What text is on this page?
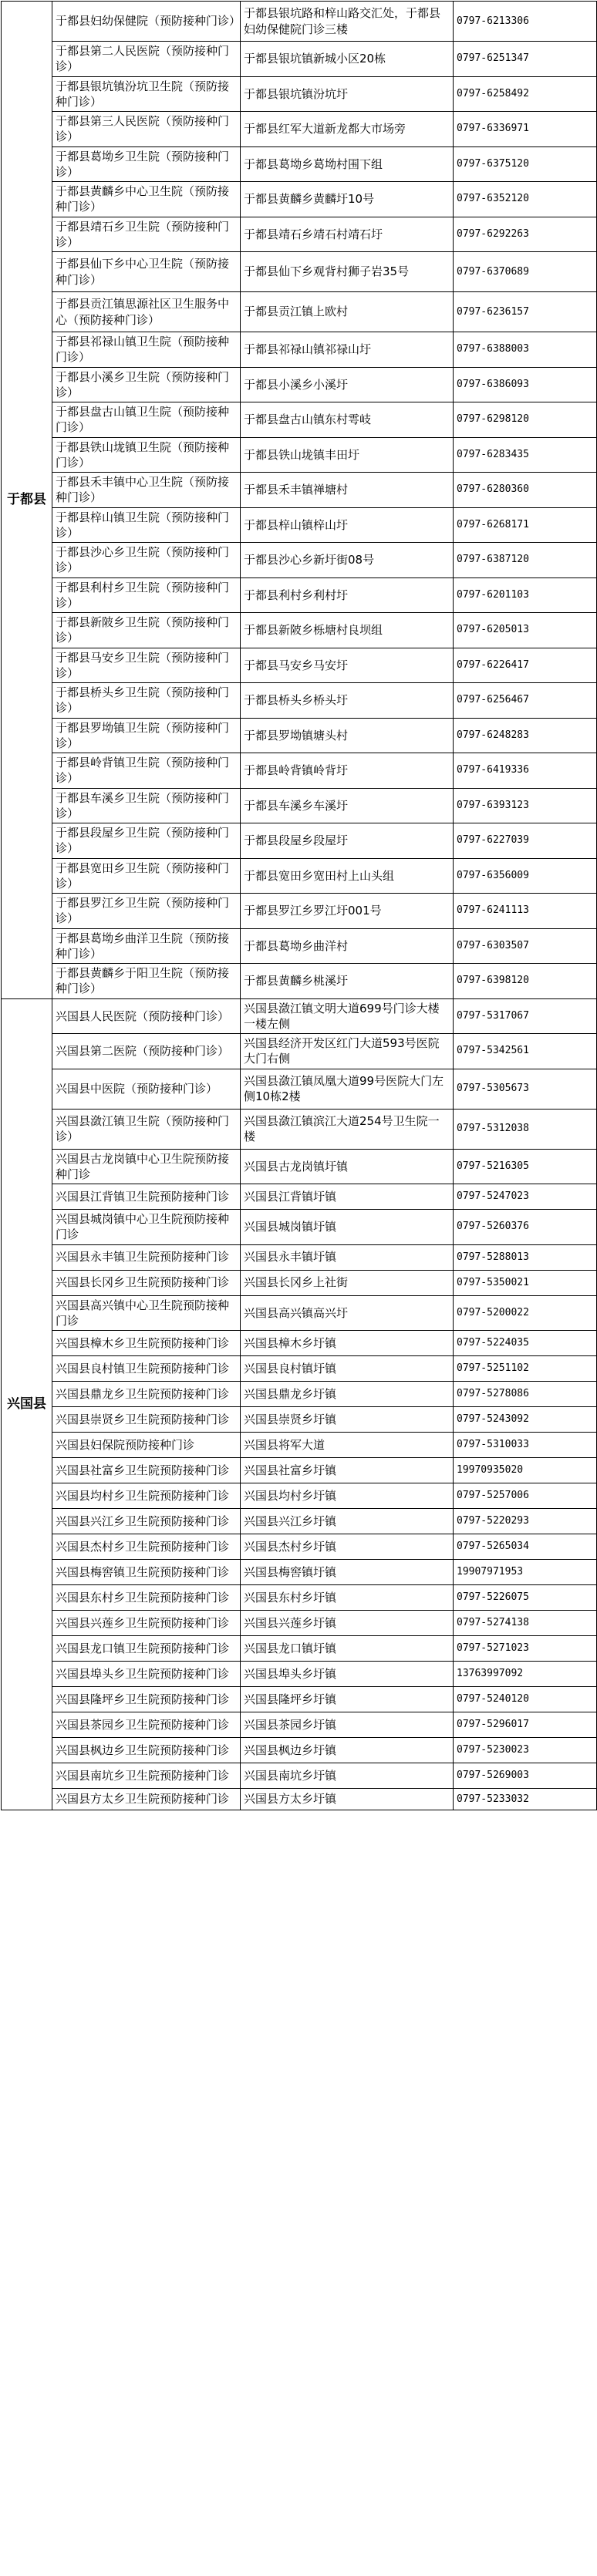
于都县	于都县妇幼保健院（预防接种门诊）	于都县银坑路和梓山路交汇处，于都县妇幼保健院门诊三楼	0797-6213306
	于都县第二人民医院（预防接种门诊）	于都县银坑镇新城小区20栋	0797-6251347
	于都县银坑镇汾坑卫生院（预防接种门诊）	于都县银坑镇汾坑圩	0797-6258492
	于都县第三人民医院（预防接种门诊）	于都县红军大道新龙都大市场旁	0797-6336971
	于都县葛坳乡卫生院（预防接种门诊）	于都县葛坳乡葛坳村围下组	0797-6375120
	于都县黄麟乡中心卫生院（预防接种门诊）	于都县黄麟乡黄麟圩10号	0797-6352120
	于都县靖石乡卫生院（预防接种门诊）	于都县靖石乡靖石村靖石圩	0797-6292263
	于都县仙下乡中心卫生院（预防接种门诊）	于都县仙下乡观背村狮子岩35号	0797-6370689
	于都县贡江镇思源社区卫生服务中心（预防接种门诊）	于都县贡江镇上欧村	0797-6236157
	于都县祁禄山镇卫生院（预防接种门诊）	于都县祁禄山镇祁禄山圩	0797-6388003
	于都县小溪乡卫生院（预防接种门诊）	于都县小溪乡小溪圩	0797-6386093
	于都县盘古山镇卫生院（预防接种门诊）	于都县盘古山镇东村雩岐	0797-6298120
	于都县铁山垅镇卫生院（预防接种门诊）	于都县铁山垅镇丰田圩	0797-6283435
	于都县禾丰镇中心卫生院（预防接种门诊）	于都县禾丰镇禅塘村	0797-6280360
	于都县梓山镇卫生院（预防接种门诊）	于都县梓山镇梓山圩	0797-6268171
	于都县沙心乡卫生院（预防接种门诊）	于都县沙心乡新圩街08号	0797-6387120
	于都县利村乡卫生院（预防接种门诊）	于都县利村乡利村圩	0797-6201103
	于都县新陂乡卫生院（预防接种门诊）	于都县新陂乡栎塘村良坝组	0797-6205013
	于都县马安乡卫生院（预防接种门诊）	于都县马安乡马安圩	0797-6226417
	于都县桥头乡卫生院（预防接种门诊）	于都县桥头乡桥头圩	0797-6256467
	于都县罗坳镇卫生院（预防接种门诊）	于都县罗坳镇塘头村	0797-6248283
	于都县岭背镇卫生院（预防接种门诊）	于都县岭背镇岭背圩	0797-6419336
	于都县车溪乡卫生院（预防接种门诊）	于都县车溪乡车溪圩	0797-6393123
	于都县段屋乡卫生院（预防接种门诊）	于都县段屋乡段屋圩	0797-6227039
	于都县宽田乡卫生院（预防接种门诊）	于都县宽田乡宽田村上山头组	0797-6356009
	于都县罗江乡卫生院（预防接种门诊）	于都县罗江乡罗江圩001号	0797-6241113
	于都县葛坳乡曲洋卫生院（预防接种门诊）	于都县葛坳乡曲洋村	0797-6303507
	于都县黄麟乡于阳卫生院（预防接种门诊）	于都县黄麟乡桃溪圩	0797-6398120
兴国县	兴国县人民医院（预防接种门诊）	兴国县潋江镇文明大道699号门诊大楼一楼左侧	0797-5317067
	兴国县第二医院（预防接种门诊）	兴国县经济开发区红门大道593号医院大门右侧	0797-5342561
	兴国县中医院（预防接种门诊）	兴国县潋江镇凤凰大道99号医院大门左侧10栋2楼	0797-5305673
	兴国县潋江镇卫生院（预防接种门诊）	兴国县潋江镇滨江大道254号卫生院一楼	0797-5312038
	兴国县古龙岗镇中心卫生院预防接种门诊	兴国县古龙岗镇圩镇	0797-5216305
	兴国县江背镇卫生院预防接种门诊	兴国县江背镇圩镇	0797-5247023
	兴国县城岗镇中心卫生院预防接种门诊	兴国县城岗镇圩镇	0797-5260376
	兴国县永丰镇卫生院预防接种门诊	兴国县永丰镇圩镇	0797-5288013
	兴国县长冈乡卫生院预防接种门诊	兴国县长冈乡上社街	0797-5350021
	兴国县高兴镇中心卫生院预防接种门诊	兴国县高兴镇高兴圩	0797-5200022
	兴国县樟木乡卫生院预防接种门诊	兴国县樟木乡圩镇	0797-5224035
	兴国县良村镇卫生院预防接种门诊	兴国县良村镇圩镇	0797-5251102
	兴国县鼎龙乡卫生院预防接种门诊	兴国县鼎龙乡圩镇	0797-5278086
	兴国县崇贤乡卫生院预防接种门诊	兴国县崇贤乡圩镇	0797-5243092
	兴国县妇保院预防接种门诊	兴国县将军大道	0797-5310033
	兴国县社富乡卫生院预防接种门诊	兴国县社富乡圩镇	19970935020
	兴国县均村乡卫生院预防接种门诊	兴国县均村乡圩镇	0797-5257006
	兴国县兴江乡卫生院预防接种门诊	兴国县兴江乡圩镇	0797-5220293
	兴国县杰村乡卫生院预防接种门诊	兴国县杰村乡圩镇	0797-5265034
	兴国县梅窖镇卫生院预防接种门诊	兴国县梅窖镇圩镇	19907971953
	兴国县东村乡卫生院预防接种门诊	兴国县东村乡圩镇	0797-5226075
	兴国县兴莲乡卫生院预防接种门诊	兴国县兴莲乡圩镇	0797-5274138
	兴国县龙口镇卫生院预防接种门诊	兴国县龙口镇圩镇	0797-5271023
	兴国县埠头乡卫生院预防接种门诊	兴国县埠头乡圩镇	13763997092
	兴国县隆坪乡卫生院预防接种门诊	兴国县隆坪乡圩镇	0797-5240120
	兴国县茶园乡卫生院预防接种门诊	兴国县茶园乡圩镇	0797-5296017
	兴国县枫边乡卫生院预防接种门诊	兴国县枫边乡圩镇	0797-5230023
	兴国县南坑乡卫生院预防接种门诊	兴国县南坑乡圩镇	0797-5269003
	兴国县方太乡卫生院预防接种门诊	兴国县方太乡圩镇	0797-5233032
